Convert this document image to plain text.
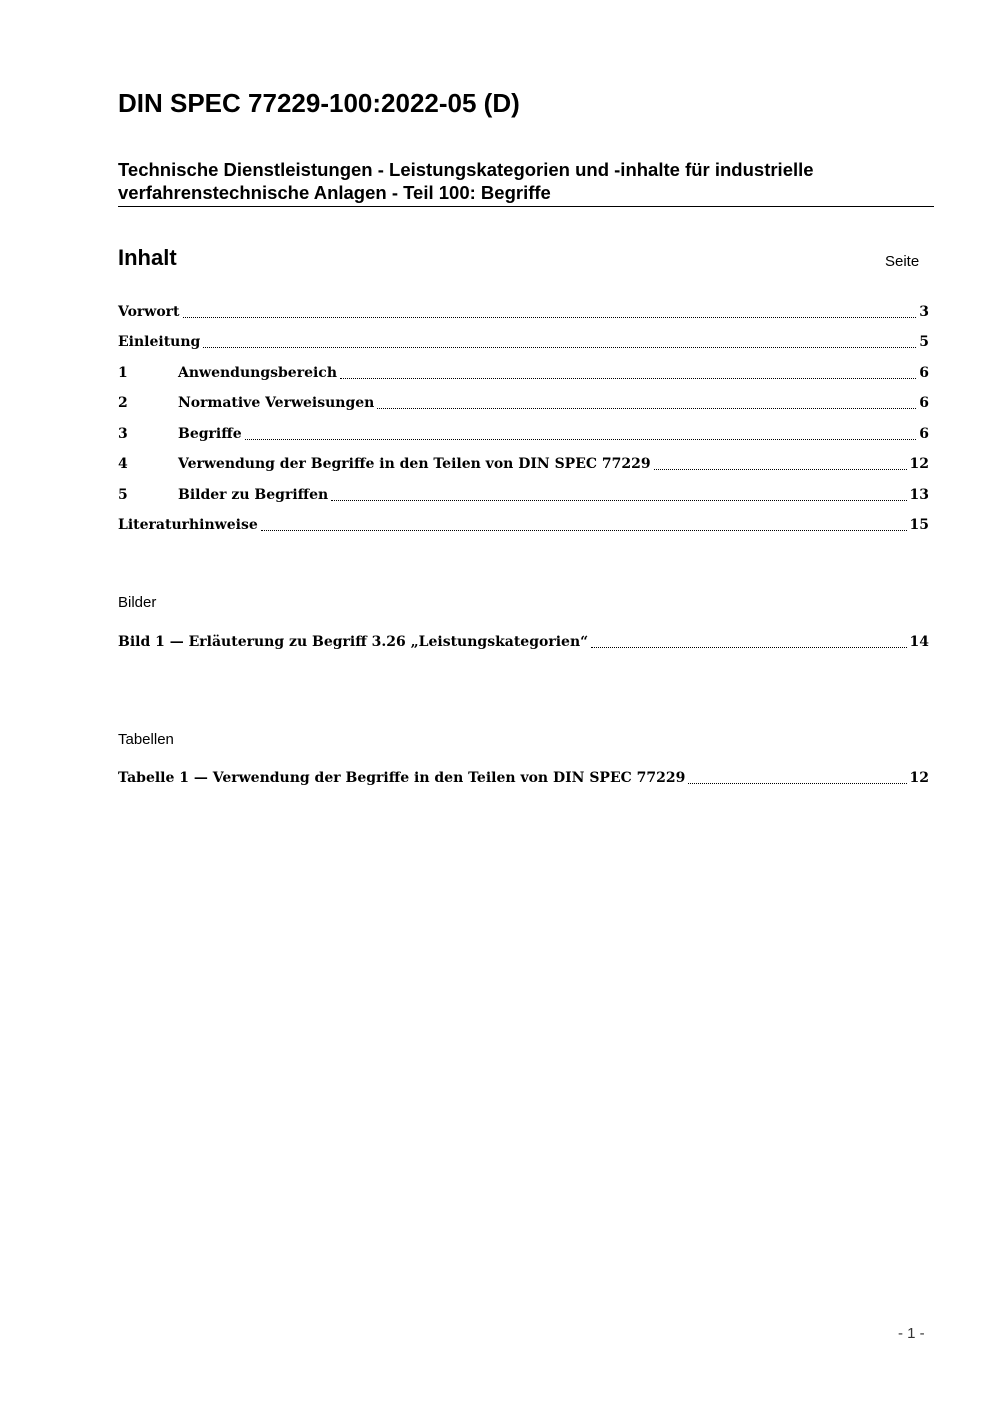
DIN SPEC 77229-100:2022-05 (D)

Technische Dienstleistungen - Leistungskategorien und -inhalte für industrielle verfahrenstechnische Anlagen - Teil 100: Begriffe

Inhalt	Seite
Vorwort	3
Einleitung	5
1	Anwendungsbereich	6
2	Normative Verweisungen	6
3	Begriffe	6
4	Verwendung der Begriffe in den Teilen von DIN SPEC 77229	12
5	Bilder zu Begriffen	13
Literaturhinweise	15
Bilder
Bild 1 — Erläuterung zu Begriff 3.26 „Leistungskategorien“	14
Tabellen
Tabelle 1 — Verwendung der Begriffe in den Teilen von DIN SPEC 77229	12
- 1 -
